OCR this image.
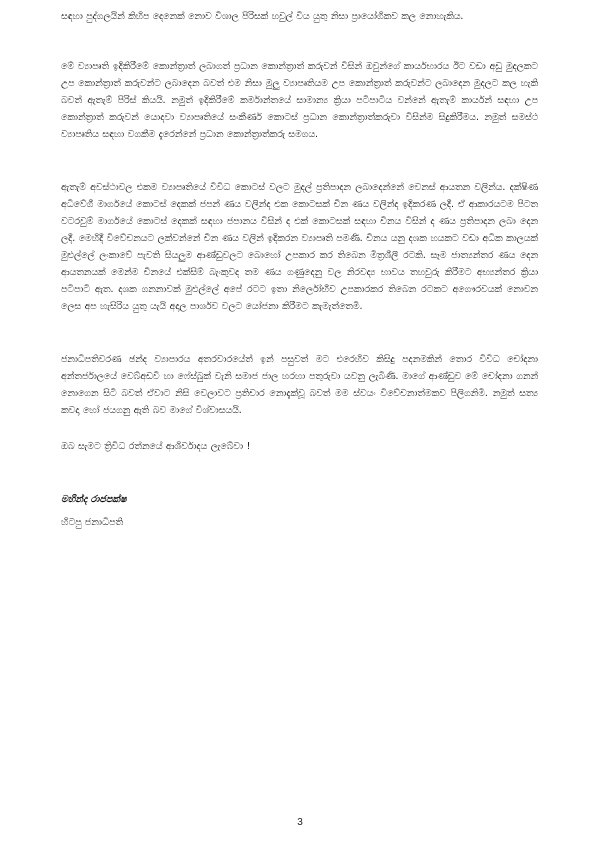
සඳහා පුද්ගලයින් කිහිප දෙනෙක් නොව විශාල පිරිසක් හවුල් විය යුතු නිසා ප්‍රායෝගිකව කල නොහැකිය.

මේ ව්‍යාපෘති ඉදිකිරීමේ කොන්ත්‍රාත් ලබාගත් ප්‍රධාන කොන්ත්‍රාත් කරුවන් විසින් ඔවුන්ගේ කාර්යභාරය ඊට වඩා අඩු මුදලකට උප කොන්ත්‍රාත් කරුවන්ට ලබාදෙන බවත් එම නිසා මුලු ව්‍යාපෘතියම උප කොන්ත්‍රාත් කරුවන්ට ලබාදෙන මුදලට කල හැකි බවත් ඇතැම් පිරිස් කියයි. නමුත් ඉදිකිරීමේ කර්මාන්තයේ සාමාන්‍ය ක්‍රියා පටිපාටිය වන්නේ ඇතැම් කාර්යන් සඳහා උප කොන්ත්‍රාත් කරුවන් යොදවා ව්‍යාපෘතියේ සංකීර්ණ කොටස් ප්‍රධාන කොන්ත්‍රාත්කරුවා විසින්ම සිදුකිරීමය. නමුත් සමස්ථ ව්‍යාපෘතිය සඳහා වගකීම දැරෙන්නේ ප්‍රධාන කොන්ත්‍රාත්කරු සමගය.

ඇතැම් අවස්ථාවල එකම ව්‍යාපෘතියේ විවිධ කොටස් වලට මුදල් ප්‍රතිපාදන ලබාදෙන්නේ වෙනස් ආයතන වලින්ය. දක්ෂිණ අධිවේගී මාර්ගයේ කොටස් දෙකක් ජපන් ණය වලින්ද එක කොටසක් චීන ණය වලින්ද ඉදිකරණ ලදී. ඒ ආකාරයටම පිටත වටරවුම් මාර්ගයේ කොටස් දෙකක් සඳහා ජපානය විසින් ද එක් කොටසක් සඳහා චීනය විසින් ද ණය ප්‍රතිපාදන ලබා දෙන ලදී. මෙහිදී විවේචනයට ලක්වන්නේ චීන ණය වලින් ඉදිකරන ව්‍යාපෘති පමණි. චීනය යනු දශක හයකට වඩා අධික කාලයක් මුළුල්ලේ ලංකාවේ පැවති සියලුම ආණ්ඩුවලට බොහෝ උපකාර කර තිබෙන මිත්‍රශීලී රටකි. සෑම ජාත්‍යන්තර ණය දෙන ආයතනයක් මෙන්ම චීනයේ එක්සිම් බැංකුවද තම ණය ගණුදෙනු වල නිරවද්‍ය භාවය තහවුරු කිරීමට අභ්‍යන්තර ක්‍රියා පටිපාටි ඇත. දශක ගනනාවක් මුළුල්ලේ අපේ රටට ඉතා නිර්ලෝභීව උපකාරකර තිබෙන රටකට අගෞරවයක් නොවන ලෙස අප හැසිරිය යුතු යැයි අදාල පාර්ශව වලට යෝජනා කිරීමට කැමැත්තෙමි.

ජනාධිපතිවරණ ඡන්ද ව්‍යාපාරය අතරවාරයේත් ඉන් පසුවත් මට එරෙහිව කිසිදු පදනමකින් තොර විවිධ චෝදනා අන්තර්ජාලයේ වෙබ්අඩවි හා ෆේස්බුක් වැනි සමාජ ජාල හරහා පතුරුවා යවනු ලැබිණි. මාගේ ආණ්ඩුව මේ චෝදනා ගනන් නොගෙන සිටි බවත් ඒවාට නිසි වෙලාවට ප්‍රතිචාර නොදැක්වූ බවත් මම ස්වයං විවේචනාත්මකව පිලිගනිමි. නමුත් සත්‍ය කවදා හෝ ජයගනු ඇති බව මාගේ විශ්වාසයයි.

ඔබ සැමට ත්‍රිවිධ රත්නයේ ආශිර්වාදය ලැබේවා !

මහින්ද රාජපක්ෂ

හිටපු ජනාධිපති

3
